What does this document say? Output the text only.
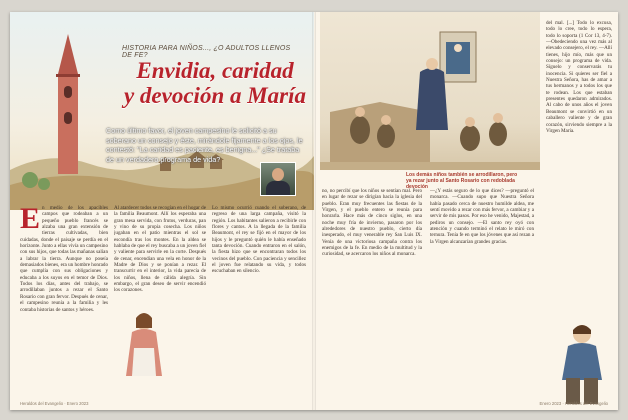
HISTORIA PARA NIÑOS..., ¿O ADULTOS LLENOS DE FE?
Envidia, caridad
y devoción a María
Como último favor, el joven campesino le solicitó a su soberano un consejo y éste, mirándole fijamente a los ojos, le contestó: "La caridad es paciente, es benigna..." ¿Se trataba de un verdadero programa de vida?
En medio de los apacibles campos que rodeaban a un pequeño pueblo francés se alzaba una gran extensión de tierras cultivadas, bien cuidadas, donde el paisaje se perdía en el horizonte. Junto a ellas vivía un campesino con sus hijos, que todas las mañanas salían a labrar la tierra. Aunque no poseía demasiados bienes, era un hombre honrado que cumplía con sus obligaciones y educaba a los suyos en el temor de Dios. Todos los días, antes del trabajo, se arrodillaban juntos a rezar el Santo Rosario con gran fervor. Después de cenar, el campesino reunía a la familia y les contaba historias de santos y héroes.
Al atardecer todos se recogían en el hogar de la familia Beaumont. Allí los esperaba una gran mesa servida, con frutos, verduras, pan y vino de su propia cosecha. Los niños jugaban en el patio mientras el sol se escondía tras los montes. En la aldea se hablaba de que el rey buscaba a un joven fiel y valiente para servirle en la corte. Después de cenar, encendían una vela en honor de la Madre de Dios y se ponían a rezar. El transcurrir en el interior, la vida parecía de los niños, llena de cálida alegría. Sin embargo, el gran deseo de servir encendió los corazones.
Lo mismo ocurrió cuando el soberano, de regreso de una larga campaña, visitó la región. Los habitantes salieron a recibirle con flores y cantos. A la llegada de la familia Beaumont, el rey se fijó en el mayor de los hijos y le preguntó quién le había enseñado tanta devoción. Cuando entraron en el salón, la fiesta hizo que se encontraran todos los vecinos del pueblo. Con paciencia y sencillez el joven fue relatando su vida, y todos escuchaban en silencio.
Heraldos del Evangelio · Enero 2023
Los demás niños también se arrodillaron, pero ya rezar junto al Santo Rosario con redoblada devoción
no, no percibí que los niños se sentían mal. Pero en lugar de rezar se dirigían hacia la iglesia del pueblo. Eran muy frecuentes las fiestas de la Virgen, y el pueblo entero se reunía para honrarla. Hace más de cinco siglos, en una noche muy fría de invierno, pasaron por los alrededores de nuestro pueblo, cierto día inesperado, el muy venerable rey San Luis IX. Venía de una victoriosa campaña contra los enemigos de la fe. En medio de la multitud y la curiosidad, se acercaron los niños al monarca.
—¿Y estás seguro de lo que dices? —preguntó el monarca. —Cuando supo que Nuestra Señora había pasado cerca de nuestro humilde aldea, me sentí movido a rezar con más fervor, a cambiar y a servir de mis pasos. Por eso he venido, Majestad, a pediros un consejo. —El santo rey oyó con atención y cuando terminó el relato le miró con ternura. Tenía fe en que los jóvenes que así rezan a la Virgen alcanzarían grandes gracias.
del mal. [...] Todo lo excusa, todo lo cree, todo lo espera, todo lo soporta (1 Cor 13, 4-7). —Obedeciendo una vez más al elevado consejero, el rey. —Allí tienes, hijo mío, más que un consejo: un programa de vida. Síguelo y conservarás tu inocencia. Si quieres ser fiel a Nuestra Señora, has de amar a tus hermanos y a todos los que te rodean. Los que estaban presentes quedaron admirados. Al cabo de unos años el joven Beaumont se convirtió en un caballero valiente y de gran corazón, sirviendo siempre a la Virgen María.
Enero 2023 · Heraldos del Evangelio
